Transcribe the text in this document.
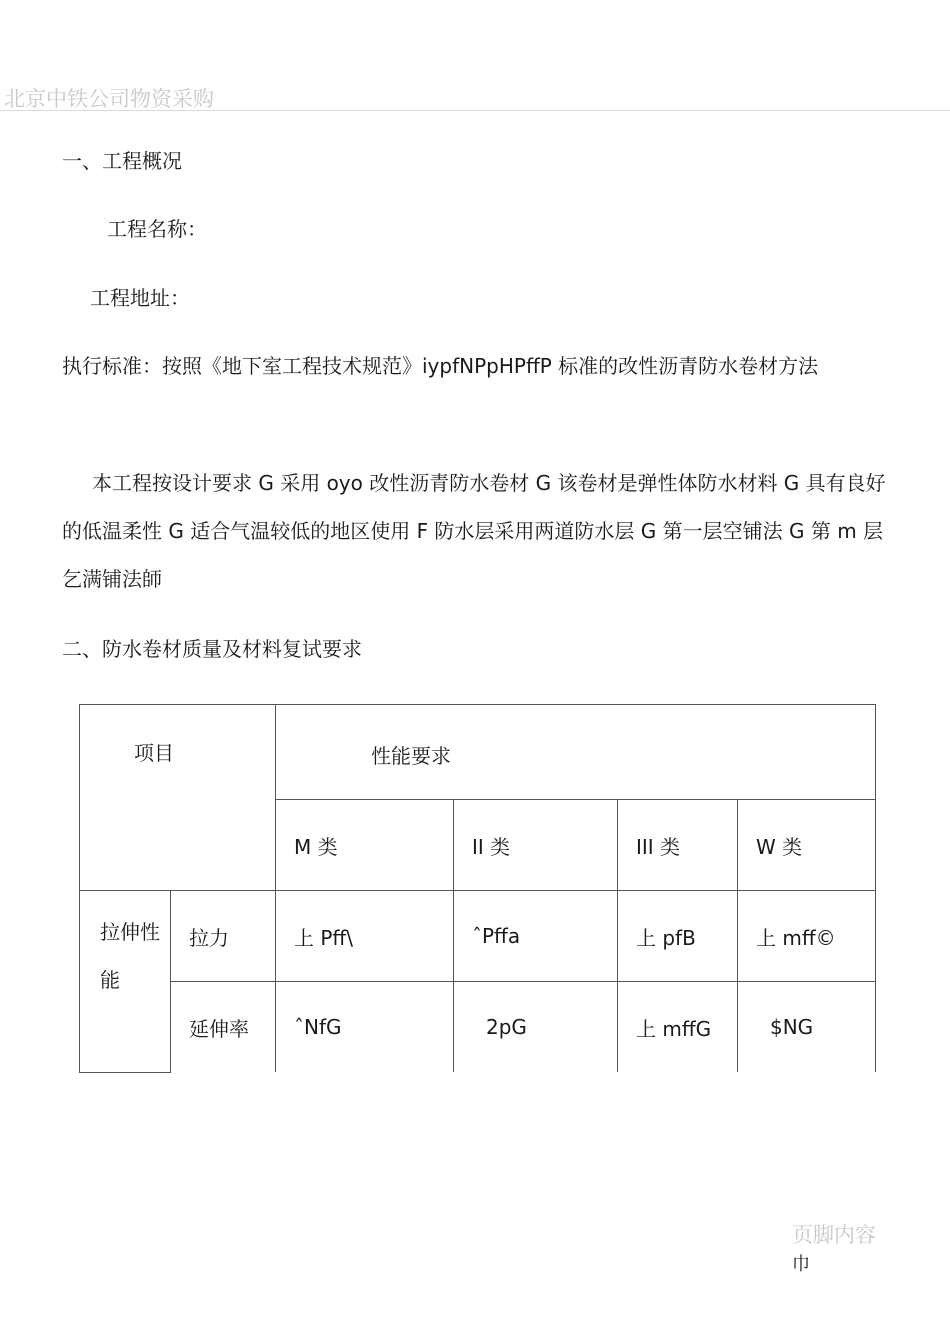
北京中铁公司物资采购
一、工程概况
工程名称：
工程地址：
执行标准：按照《地下室工程技术规范》iypfNPpHPffP 标准的改性沥青防水卷材方法
本工程按设计要求 G 采用 oyo 改性沥青防水卷材 G 该卷材是弹性体防水材料 G 具有良好的低温柔性 G 适合气温较低的地区使用 F 防水层采用两道防水层 G 第一层空铺法 G 第 m 层乞满铺法師
二、防水卷材质量及材料复试要求
项目		性能要求			
		M 类	II 类	III 类	W 类

拉伸性
能	拉力	上 Pff\	ˆPffa	上 pfB	上 mff©
	延伸率	ˆNfG	2pG	上 mffG	$NG
页脚内容
巾
